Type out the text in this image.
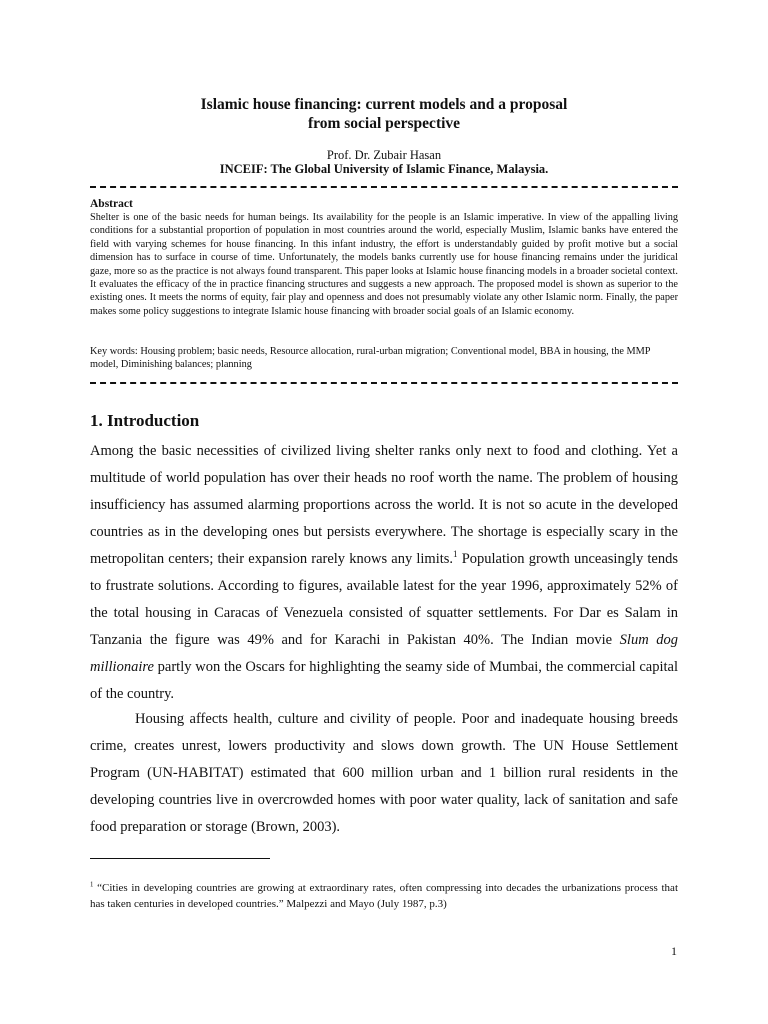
Islamic house financing: current models and a proposal
from social perspective
Prof. Dr. Zubair Hasan
INCEIF: The Global University of Islamic Finance, Malaysia.
Abstract

Shelter is one of the basic needs for human beings. Its availability for the people is an Islamic imperative. In view of the appalling living conditions for a substantial proportion of population in most countries around the world, especially Muslim, Islamic banks have entered the field with varying schemes for house financing. In this infant industry, the effort is understandably guided by profit motive but a social dimension has to surface in course of time. Unfortunately, the models banks currently use for house financing remains under the juridical gaze, more so as the practice is not always found transparent. This paper looks at Islamic house financing models in a broader societal context. It evaluates the efficacy of the in practice financing structures and suggests a new approach. The proposed model is shown as superior to the existing ones. It meets the norms of equity, fair play and openness and does not presumably violate any other Islamic norm. Finally, the paper makes some policy suggestions to integrate Islamic house financing with broader social goals of an Islamic economy.

Key words: Housing problem; basic needs, Resource allocation, rural-urban migration; Conventional model, BBA in housing, the MMP model, Diminishing balances; planning

1. Introduction

Among the basic necessities of civilized living shelter ranks only next to food and clothing. Yet a multitude of world population has over their heads no roof worth the name. The problem of housing insufficiency has assumed alarming proportions across the world. It is not so acute in the developed countries as in the developing ones but persists everywhere. The shortage is especially scary in the metropolitan centers; their expansion rarely knows any limits.$^1$ Population growth unceasingly tends to frustrate solutions. According to figures, available latest for the year 1996, approximately 52% of the total housing in Caracas of Venezuela consisted of squatter settlements. For Dar es Salam in Tanzania the figure was 49% and for Karachi in Pakistan 40%. The Indian movie Slum dog millionaire partly won the Oscars for highlighting the seamy side of Mumbai, the commercial capital of the country.

Housing affects health, culture and civility of people. Poor and inadequate housing breeds crime, creates unrest, lowers productivity and slows down growth. The UN House Settlement Program (UN-HABITAT) estimated that 600 million urban and 1 billion rural residents in the developing countries live in overcrowded homes with poor water quality, lack of sanitation and safe food preparation or storage (Brown, 2003).

$^1$ “Cities in developing countries are growing at extraordinary rates, often compressing into decades the urbanizations process that has taken centuries in developed countries.” Malpezzi and Mayo (July 1987, p.3)

1
